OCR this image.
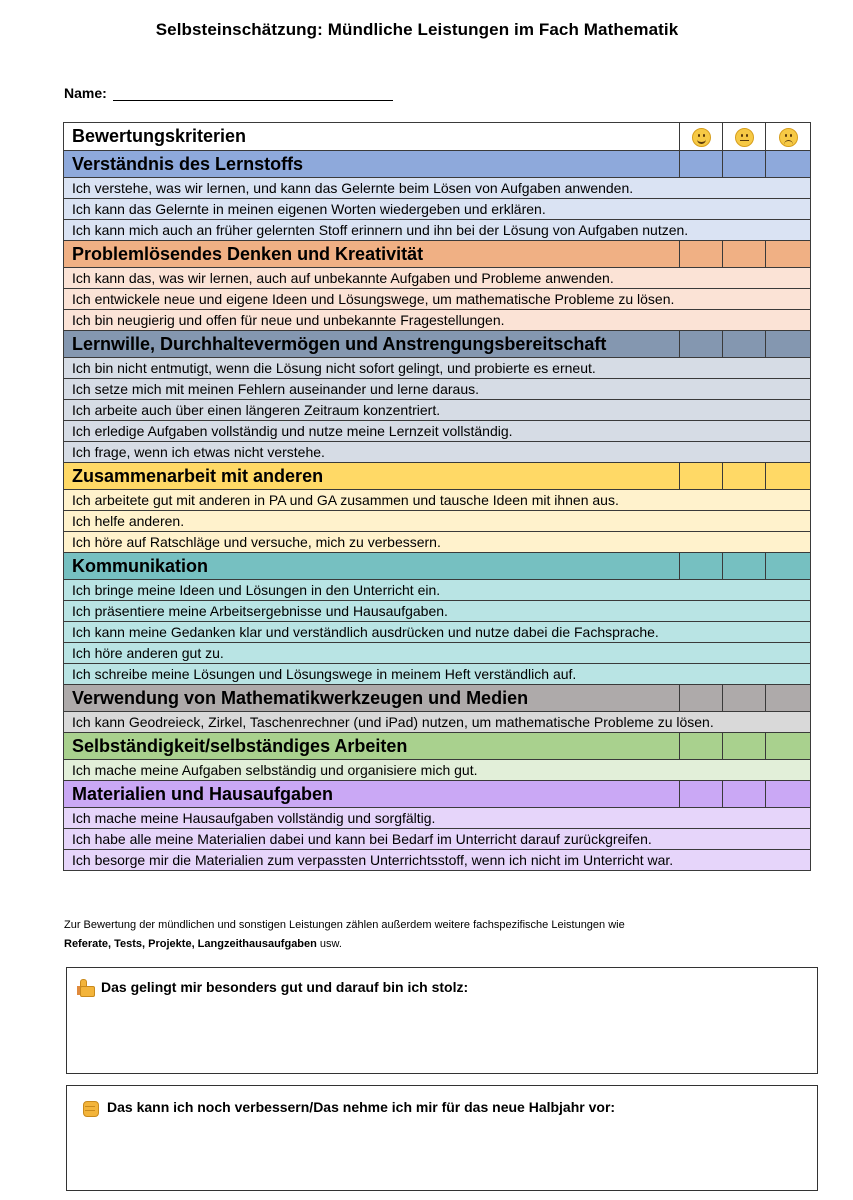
Selbsteinschätzung: Mündliche Leistungen im Fach Mathematik
Name:
Bewertungskriterien	

Verständnis des Lernstoffs			
Ich verstehe, was wir lernen, und kann das Gelernte beim Lösen von Aufgaben anwenden.			
Ich kann das Gelernte in meinen eigenen Worten wiedergeben und erklären.			
Ich kann mich auch an früher gelernten Stoff erinnern und ihn bei der Lösung von Aufgaben nutzen.			
Problemlösendes Denken und Kreativität			
Ich kann das, was wir lernen, auch auf unbekannte Aufgaben und Probleme anwenden.			
Ich entwickele neue und eigene Ideen und Lösungswege, um mathematische Probleme zu lösen.			
Ich bin neugierig und offen für neue und unbekannte Fragestellungen.			
Lernwille, Durchhaltevermögen und Anstrengungsbereitschaft			
Ich bin nicht entmutigt, wenn die Lösung nicht sofort gelingt, und probierte es erneut.			
Ich setze mich mit meinen Fehlern auseinander und lerne daraus.			
Ich arbeite auch über einen längeren Zeitraum konzentriert.			
Ich erledige Aufgaben vollständig und nutze meine Lernzeit vollständig.			
Ich frage, wenn ich etwas nicht verstehe.			
Zusammenarbeit mit anderen			
Ich arbeitete gut mit anderen in PA und GA zusammen und tausche Ideen mit ihnen aus.			
Ich helfe anderen.			
Ich höre auf Ratschläge und versuche, mich zu verbessern.			
Kommunikation			
Ich bringe meine Ideen und Lösungen in den Unterricht ein.			
Ich präsentiere meine Arbeitsergebnisse und Hausaufgaben.			
Ich kann meine Gedanken klar und verständlich ausdrücken und nutze dabei die Fachsprache.			
Ich höre anderen gut zu.			
Ich schreibe meine Lösungen und Lösungswege in meinem Heft verständlich auf.			
Verwendung von Mathematikwerkzeugen und Medien			
Ich kann Geodreieck, Zirkel, Taschenrechner (und iPad) nutzen, um mathematische Probleme zu lösen.			
Selbständigkeit/selbständiges Arbeiten			
Ich mache meine Aufgaben selbständig und organisiere mich gut.			
Materialien und Hausaufgaben			
Ich mache meine Hausaufgaben vollständig und sorgfältig.			
Ich habe alle meine Materialien dabei und kann bei Bedarf im Unterricht darauf zurückgreifen.			
Ich besorge mir die Materialien zum verpassten Unterrichtsstoff, wenn ich nicht im Unterricht war.			
Zur Bewertung der mündlichen und sonstigen Leistungen zählen außerdem weitere fachspezifische Leistungen wie
Referate, Tests, Projekte, Langzeithausaufgaben usw.
Das gelingt mir besonders gut und darauf bin ich stolz:
Das kann ich noch verbessern/Das nehme ich mir für das neue Halbjahr vor:
